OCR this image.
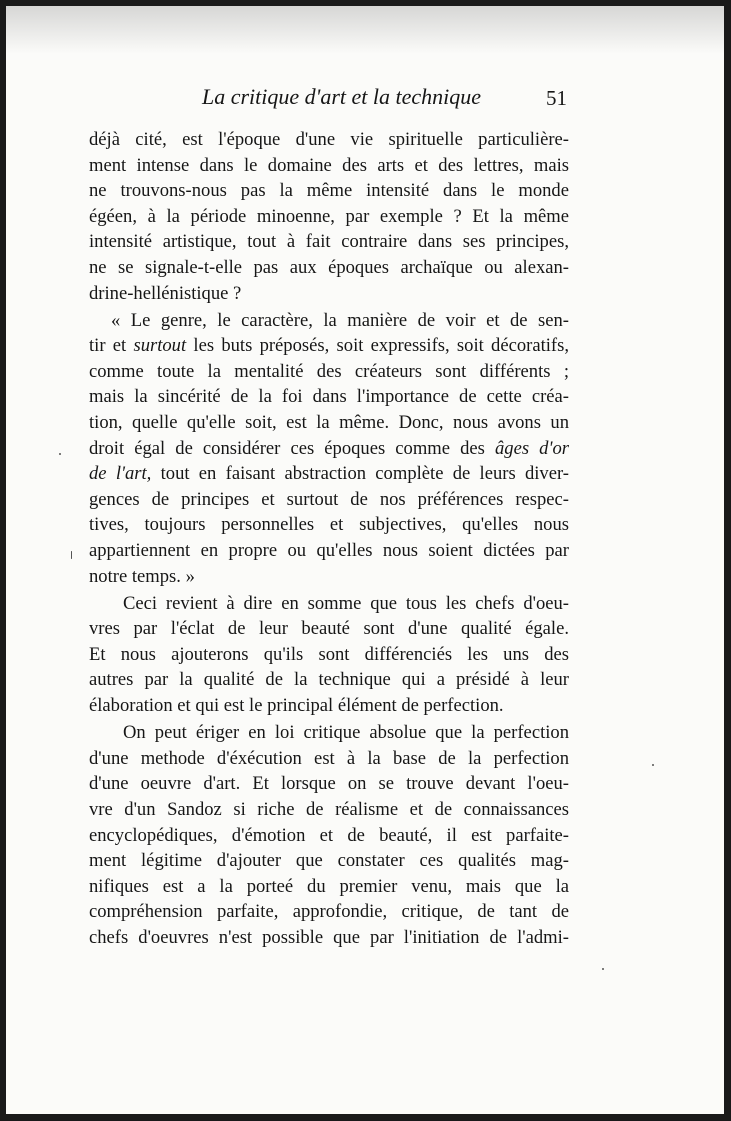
La critique d'art et la technique	51
déjà cité, est l'époque d'une vie spirituelle particulière-
ment intense dans le domaine des arts et des lettres, mais
ne trouvons-nous pas la même intensité dans le monde
égéen, à la période minoenne, par exemple ? Et la même
intensité artistique, tout à fait contraire dans ses principes,
ne se signale-t-elle pas aux époques archaïque ou alexan-
drine-hellénistique ?
« Le genre, le caractère, la manière de voir et de sen-
tir et surtout les buts préposés, soit expressifs, soit décoratifs,
comme toute la mentalité des créateurs sont différents ;
mais la sincérité de la foi dans l'importance de cette créa-
tion, quelle qu'elle soit, est la même. Donc, nous avons un
droit égal de considérer ces époques comme des âges d'or
de l'art, tout en faisant abstraction complète de leurs diver-
gences de principes et surtout de nos préférences respec-
tives, toujours personnelles et subjectives, qu'elles nous
appartiennent en propre ou qu'elles nous soient dictées par
notre temps. »
Ceci revient à dire en somme que tous les chefs d'oeu-
vres par l'éclat de leur beauté sont d'une qualité égale.
Et nous ajouterons qu'ils sont différenciés les uns des
autres par la qualité de la technique qui a présidé à leur
élaboration et qui est le principal élément de perfection.
On peut ériger en loi critique absolue que la perfection
d'une methode d'éxécution est à la base de la perfection
d'une oeuvre d'art. Et lorsque on se trouve devant l'oeu-
vre d'un Sandoz si riche de réalisme et de connaissances
encyclopédiques, d'émotion et de beauté, il est parfaite-
ment légitime d'ajouter que constater ces qualités mag-
nifiques est a la porteé du premier venu, mais que la
compréhension parfaite, approfondie, critique, de tant de
chefs d'oeuvres n'est possible que par l'initiation de l'admi-
